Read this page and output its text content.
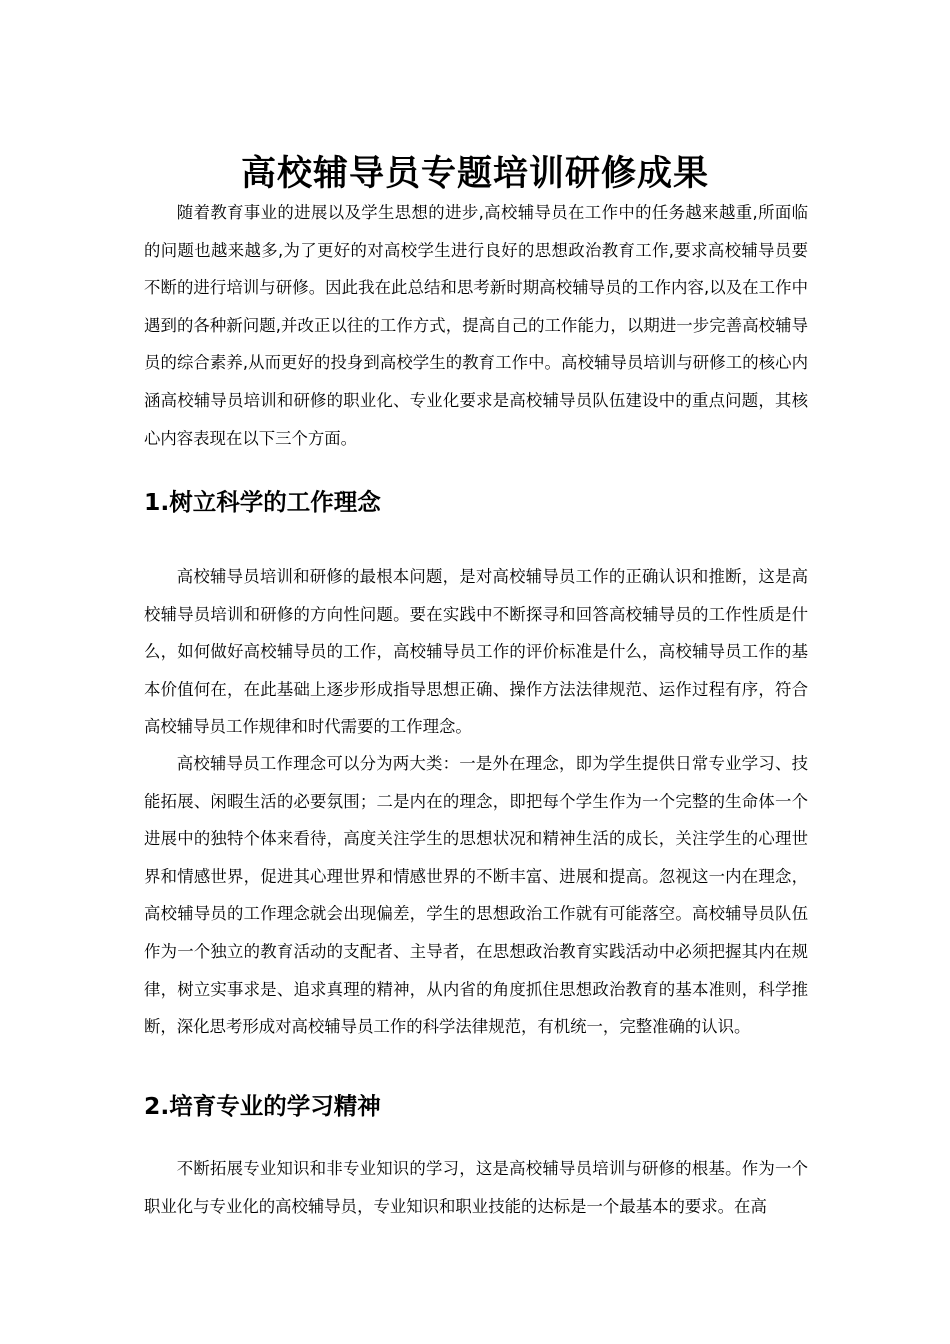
高校辅导员专题培训研修成果

随着教育事业的进展以及学生思想的进步,高校辅导员在工作中的任务越来越重,所面临的问题也越来越多,为了更好的对高校学生进行良好的思想政治教育工作,要求高校辅导员要不断的进行培训与研修。因此我在此总结和思考新时期高校辅导员的工作内容,以及在工作中遇到的各种新问题,并改正以往的工作方式，提高自己的工作能力，以期进一步完善高校辅导员的综合素养,从而更好的投身到高校学生的教育工作中。高校辅导员培训与研修工的核心内涵高校辅导员培训和研修的职业化、专业化要求是高校辅导员队伍建设中的重点问题，其核心内容表现在以下三个方面。

1.树立科学的工作理念

高校辅导员培训和研修的最根本问题，是对高校辅导员工作的正确认识和推断，这是高校辅导员培训和研修的方向性问题。要在实践中不断探寻和回答高校辅导员的工作性质是什么，如何做好高校辅导员的工作，高校辅导员工作的评价标准是什么，高校辅导员工作的基本价值何在，在此基础上逐步形成指导思想正确、操作方法法律规范、运作过程有序，符合高校辅导员工作规律和时代需要的工作理念。

高校辅导员工作理念可以分为两大类：一是外在理念，即为学生提供日常专业学习、技能拓展、闲暇生活的必要氛围；二是内在的理念，即把每个学生作为一个完整的生命体一个进展中的独特个体来看待，高度关注学生的思想状况和精神生活的成长，关注学生的心理世界和情感世界，促进其心理世界和情感世界的不断丰富、进展和提高。忽视这一内在理念，高校辅导员的工作理念就会出现偏差，学生的思想政治工作就有可能落空。高校辅导员队伍作为一个独立的教育活动的支配者、主导者，在思想政治教育实践活动中必须把握其内在规律，树立实事求是、追求真理的精神，从内省的角度抓住思想政治教育的基本准则，科学推断，深化思考形成对高校辅导员工作的科学法律规范，有机统一，完整准确的认识。

2.培育专业的学习精神

不断拓展专业知识和非专业知识的学习，这是高校辅导员培训与研修的根基。作为一个职业化与专业化的高校辅导员，专业知识和职业技能的达标是一个最基本的要求。在高
